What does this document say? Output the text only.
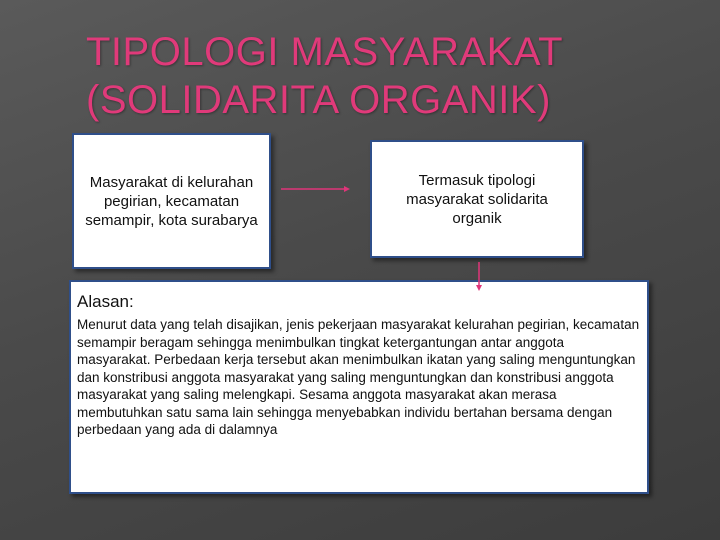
TIPOLOGI MASYARAKAT
(SOLIDARITA ORGANIK)
Masyarakat di kelurahan pegirian, kecamatan semampir, kota surabarya
Termasuk tipologi masyarakat solidarita organik
Alasan:
Menurut data yang telah disajikan, jenis pekerjaan masyarakat kelurahan pegirian, kecamatan semampir beragam sehingga menimbulkan tingkat ketergantungan antar anggota masyarakat. Perbedaan kerja tersebut akan menimbulkan ikatan yang saling menguntungkan dan konstribusi anggota masyarakat yang saling menguntungkan dan konstribusi anggota masyarakat yang saling melengkapi. Sesama anggota masyarakat akan merasa membutuhkan satu sama lain sehingga menyebabkan individu bertahan bersama dengan perbedaan yang ada di dalamnya
